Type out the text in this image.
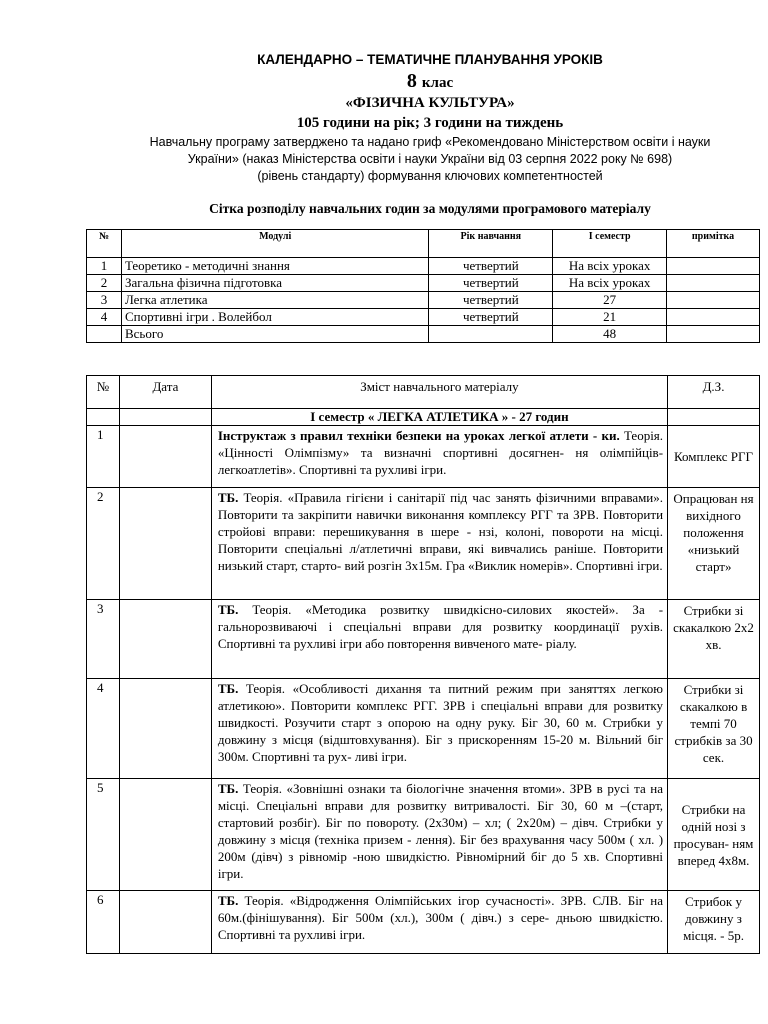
КАЛЕНДАРНО – ТЕМАТИЧНЕ ПЛАНУВАННЯ УРОКІВ
8 клас
«ФІЗИЧНА КУЛЬТУРА»
105 години на рік; 3 години на тиждень
Навчальну програму затверджено та надано гриф «Рекомендовано Міністерством освіти і науки
України» (наказ Міністерства освіти і науки України від 03 серпня 2022 року № 698)
(рівень стандарту) формування ключових компетентностей
Сітка розподілу навчальних годин за модулями програмового матеріалу
№	Модулі	Рік навчання	І семестр	примітка
1	Теоретико - методичні знання	четвертий	На всіх уроках	
2	Загальна фізична підготовка	четвертий	На всіх уроках	
3	Легка атлетика	четвертий	27	
4	Спортивні ігри . Волейбол	четвертий	21	
	Всього		48	
№	Дата	Зміст навчального матеріалу	Д.З.
		І семестр « ЛЕГКА АТЛЕТИКА » - 27 годин	
1		Інструктаж з правил техніки безпеки на уроках легкої атлети - ки. Теорія. «Цінності Олімпізму» та визначні спортивні досягнен- ня олімпійців-легкоатлетів». Спортивні та рухливі ігри.	Комплекс РГГ
2		ТБ. Теорія. «Правила гігієни і санітарії під час занять фізичними вправами». Повторити та закріпити навички виконання комплексу РГГ та ЗРВ. Повторити стройові вправи: перешикування в шере - нзі, колоні, повороти на місці. Повторити спеціальні л/атлетичні вправи, які вивчались раніше. Повторити низький старт, старто- вий розгін 3х15м. Гра «Виклик номерів». Спортивні ігри.	Опрацюван ня вихідного положення «низький старт»
3		ТБ. Теорія. «Методика розвитку швидкісно-силових якостей». За - гальнорозвиваючі і спеціальні вправи для розвитку координації рухів. Спортивні та рухливі ігри або повторення вивченого мате- ріалу.	Стрибки зі скакалкою 2х2 хв.
4		ТБ. Теорія. «Особливості дихання та питний режим при заняттях легкою атлетикою». Повторити комплекс РГГ. ЗРВ і спеціальні вправи для розвитку швидкості. Розучити старт з опорою на одну руку. Біг 30, 60 м. Стрибки у довжину з місця (відштовхування). Біг з прискоренням 15-20 м. Вільний біг 300м. Спортивні та рух- ливі ігри.	Стрибки зі скакалкою в темпі 70 стрибків за 30 сек.
5		ТБ. Теорія. «Зовнішні ознаки та біологічне значення втоми». ЗРВ в русі та на місці. Спеціальні вправи для розвитку витривалості. Біг 30, 60 м –(старт, стартовий розбіг). Біг по повороту. (2х30м) – хл; ( 2х20м) – дівч. Стрибки у довжину з місця (техніка призем - лення). Біг без врахування часу 500м ( хл. ) 200м (дівч) з рівномір -ною швидкістю. Рівномірний біг до 5 хв. Спортивні ігри.	Стрибки на одній нозі з просуван- ням вперед 4х8м.
6		ТБ. Теорія. «Відродження Олімпійських ігор сучасності». ЗРВ. СЛВ. Біг на 60м.(фінішування). Біг 500м (хл.), 300м ( дівч.) з сере- дньою швидкістю. Спортивні та рухливі ігри.	Стрибок у довжину з місця. - 5р.
